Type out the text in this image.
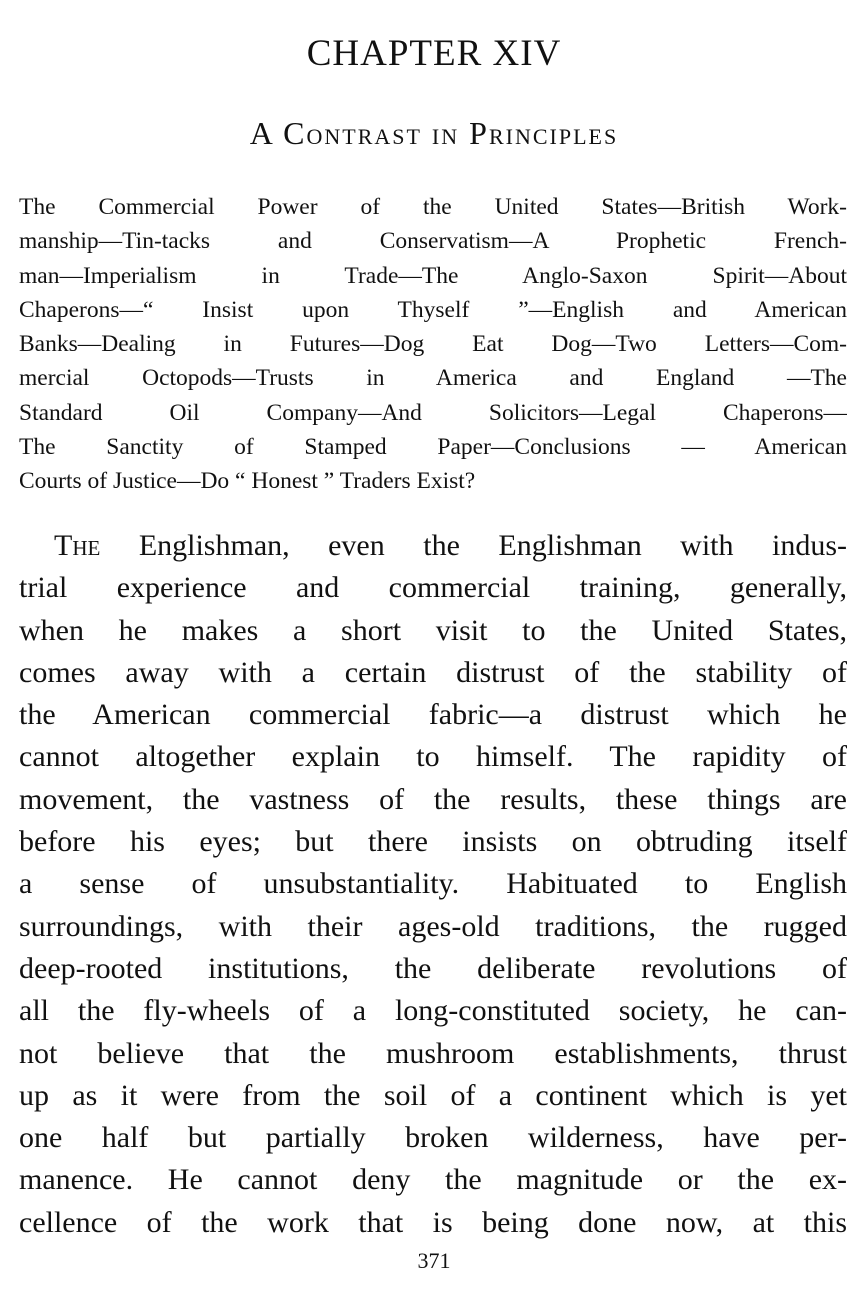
CHAPTER XIV
A Contrast in Principles
The Commercial Power of the United States—British Work-
manship—Tin-tacks and Conservatism—A Prophetic French-
man—Imperialism in Trade—The Anglo-Saxon Spirit—About
Chaperons—“ Insist upon Thyself ”—English and American
Banks—Dealing in Futures—Dog Eat Dog—Two Letters—Com-
mercial Octopods—Trusts in America and England —The
Standard Oil Company—And Solicitors—Legal Chaperons—
The Sanctity of Stamped Paper—Conclusions — American
Courts of Justice—Do “ Honest ” Traders Exist?
The Englishman, even the Englishman with indus-
trial experience and commercial training, generally,
when he makes a short visit to the United States,
comes away with a certain distrust of the stability of
the American commercial fabric—a distrust which he
cannot altogether explain to himself. The rapidity of
movement, the vastness of the results, these things are
before his eyes; but there insists on obtruding itself
a sense of unsubstantiality. Habituated to English
surroundings, with their ages-old traditions, the rugged
deep-rooted institutions, the deliberate revolutions of
all the fly-wheels of a long-constituted society, he can-
not believe that the mushroom establishments, thrust
up as it were from the soil of a continent which is yet
one half but partially broken wilderness, have per-
manence. He cannot deny the magnitude or the ex-
cellence of the work that is being done now, at this
371
